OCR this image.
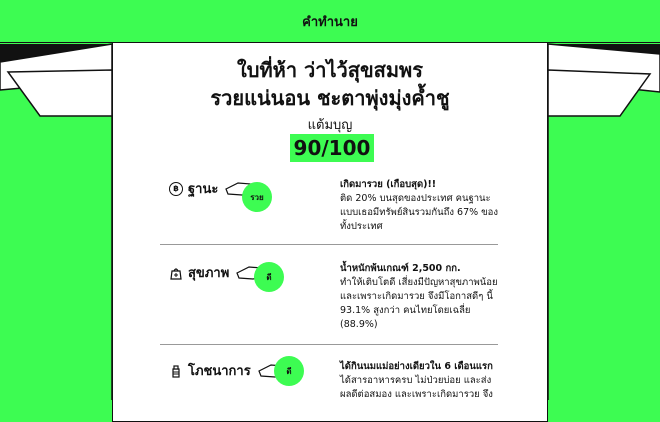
คำทำนาย
ใบที่ห้า ว่าไว้สุขสมพร
รวยแน่นอน ชะตาพุ่งมุ่งค้ำชู
แต้มบุญ
90/100
฿ ฐานะ	รวย
เกิดมารวย (เกือบสุด)!!
ติด 20% บนสุดของประเทศ คนฐานะแบบเธอมีทรัพย์สินรวมกันถึง 67% ของทั้งประเทศ
สุขภาพ	ดี
น้ำหนักพ้นเกณฑ์ 2,500 กก.
ทำให้เติบโตดี เสี่ยงมีปัญหาสุขภาพน้อย และเพราะเกิดมารวย จึงมีโอกาสดีๆ นี้ 93.1% สูงกว่า คนไทยโดยเฉลี่ย (88.9%)
โภชนาการ	ดี	ได้กินนมแม่อย่างเดียวใน 6 เดือนแรก
ได้สารอาหารครบ ไม่ป่วยบ่อย และส่งผลดีต่อสมอง และเพราะเกิดมารวย จึง
